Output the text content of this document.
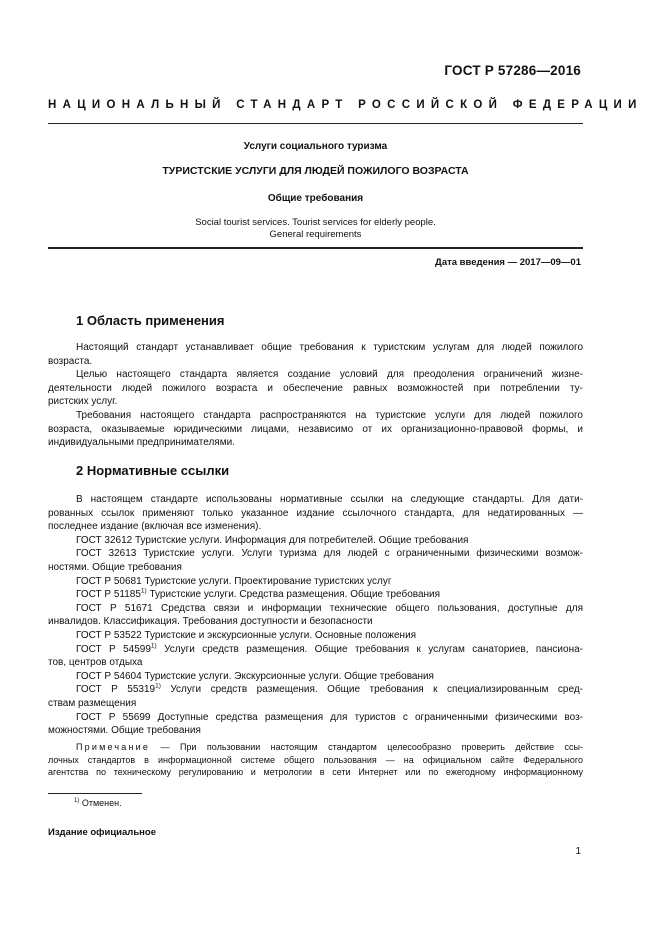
ГОСТ Р 57286—2016
НАЦИОНАЛЬНЫЙ СТАНДАРТ РОССИЙСКОЙ ФЕДЕРАЦИИ
Услуги социального туризма
ТУРИСТСКИЕ УСЛУГИ ДЛЯ ЛЮДЕЙ ПОЖИЛОГО ВОЗРАСТА
Общие требования
Social tourist services. Tourist services for elderly people.
General requirements
Дата введения — 2017—09—01
1 Область применения
Настоящий стандарт устанавливает общие требования к туристским услугам для людей пожилого
возраста.
Целью настоящего стандарта является создание условий для преодоления ограничений жизне-
деятельности людей пожилого возраста и обеспечение равных возможностей при потреблении ту-
ристских услуг.
Требования настоящего стандарта распространяются на туристские услуги для людей пожилого
возраста, оказываемые юридическими лицами, независимо от их организационно-правовой формы, и
индивидуальными предпринимателями.
2 Нормативные ссылки
В настоящем стандарте использованы нормативные ссылки на следующие стандарты. Для дати-
рованных ссылок применяют только указанное издание ссылочного стандарта, для недатированных —
последнее издание (включая все изменения).
ГОСТ 32612 Туристские услуги. Информация для потребителей. Общие требования
ГОСТ 32613 Туристские услуги. Услуги туризма для людей с ограниченными физическими возмож-
ностями. Общие требования
ГОСТ Р 50681 Туристские услуги. Проектирование туристских услуг
ГОСТ Р 51185$^{1)}$ Туристские услуги. Средства размещения. Общие требования
ГОСТ Р 51671 Средства связи и информации технические общего пользования, доступные для
инвалидов. Классификация. Требования доступности и безопасности
ГОСТ Р 53522 Туристские и экскурсионные услуги. Основные положения
ГОСТ Р 54599$^{1)}$ Услуги средств размещения. Общие требования к услугам санаториев, пансиона-
тов, центров отдыха
ГОСТ Р 54604 Туристские услуги. Экскурсионные услуги. Общие требования
ГОСТ Р 55319$^{1)}$ Услуги средств размещения. Общие требования к специализированным сред-
ствам размещения
ГОСТ Р 55699 Доступные средства размещения для туристов с ограниченными физическими воз-
можностями. Общие требования
Примечание — При пользовании настоящим стандартом целесообразно проверить действие ссы-
лочных стандартов в информационной системе общего пользования — на официальном сайте Федерального
агентства по техническому регулированию и метрологии в сети Интернет или по ежегодному информационному
$^{1)}$ Отменен.
Издание официальное
1
